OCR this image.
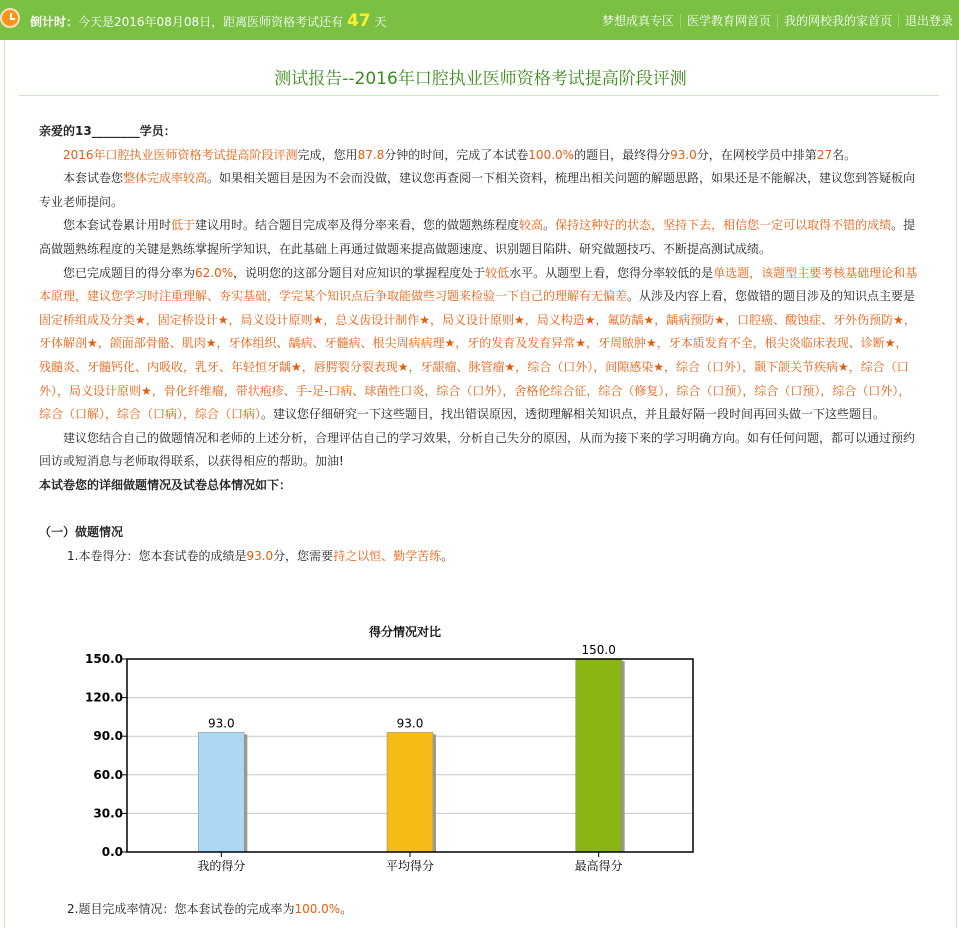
倒计时：今天是2016年08月08日，距离医师资格考试还有 47 天	梦想成真专区 医学教育网首页 我的网校我的家首页 退出登录
测试报告--2016年口腔执业医师资格考试提高阶段评测

亲爱的13________学员：

2016年口腔执业医师资格考试提高阶段评测完成，您用87.8分钟的时间，完成了本试卷100.0%的题目，最终得分93.0分，在网校学员中排第27名。

本套试卷您整体完成率较高。如果相关题目是因为不会而没做，建议您再查阅一下相关资料，梳理出相关问题的解题思路，如果还是不能解决，建议您到答疑板向专业老师提问。

您本套试卷累计用时低于建议用时。结合题目完成率及得分率来看，您的做题熟练程度较高。保持这种好的状态，坚持下去，相信您一定可以取得不错的成绩。提高做题熟练程度的关键是熟练掌握所学知识，在此基础上再通过做题来提高做题速度、识别题目陷阱、研究做题技巧、不断提高测试成绩。

您已完成题目的得分率为62.0%，说明您的这部分题目对应知识的掌握程度处于较低水平。从题型上看，您得分率较低的是单选题，该题型主要考核基础理论和基本原理，建议您学习时注重理解、夯实基础，学完某个知识点后争取能做些习题来检验一下自己的理解有无偏差。从涉及内容上看，您做错的题目涉及的知识点主要是固定桥组成及分类★，固定桥设计★，局义设计原则★，总义齿设计制作★，局义设计原则★，局义构造★，氟防龋★，龋病预防★，口腔癌、酸蚀症、牙外伤预防★，牙体解剖★，颌面部骨骼、肌肉★，牙体组织、龋病、牙髓病、根尖周病病理★，牙的发育及发育异常★，牙周脓肿★，牙本质发育不全，根尖炎临床表现、诊断★，残髓炎、牙髓钙化、内吸收，乳牙、年轻恒牙龋★，唇腭裂分裂表现★，牙龈瘤、脉管瘤★，综合（口外），间隙感染★，综合（口外），颞下颌关节疾病★，综合（口外），局义设计原则★，骨化纤维瘤，带状疱疹、手-足-口病、球菌性口炎，综合（口外），舍格伦综合征，综合（修复），综合（口预），综合（口预），综合（口外），综合（口解），综合（口病），综合（口病）。建议您仔细研究一下这些题目，找出错误原因，透彻理解相关知识点，并且最好隔一段时间再回头做一下这些题目。

建议您结合自己的做题情况和老师的上述分析，合理评估自己的学习效果，分析自己失分的原因，从而为接下来的学习明确方向。如有任何问题，都可以通过预约回访或短消息与老师取得联系，以获得相应的帮助。加油!

本试卷您的详细做题情况及试卷总体情况如下：

（一）做题情况

1.本卷得分：您本套试卷的成绩是93.0分，您需要持之以恒、勤学苦练。

得分情况对比
0.0
30.0
60.0
90.0
120.0
150.0
93.0
我的得分
93.0
平均得分
150.0
最高得分
2.题目完成率情况：您本套试卷的完成率为100.0%。
